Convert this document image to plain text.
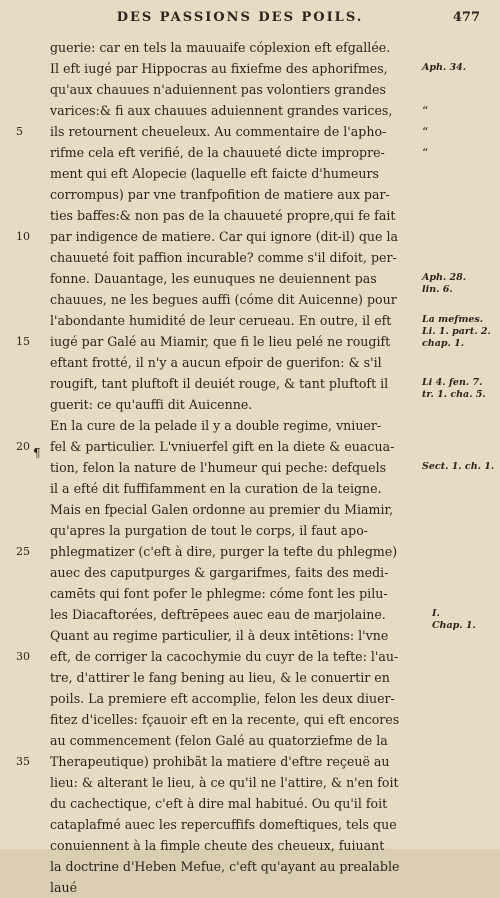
DES PASSIONS DES POILS.	477
5
10
15
20
25
30
35
¶
guerie: car en tels la mauuaife cóplexion eft efgallée.
Il eft iugé par Hippocras au fixiefme des aphorifmes,
qu'aux chauues n'aduiennent pas volontiers grandes
varices:& fi aux chauues aduiennent grandes varices,
ils retournent cheueleux. Au commentaire de l'apho-
rifme cela eft verifié, de la chauueté dicte impropre-
ment qui eft Alopecie (laquelle eft faicte d'humeurs
corrompus) par vne tranfpofition de matiere aux par-
ties baffes:& non pas de la chauueté propre,qui fe fait
par indigence de matiere. Car qui ignore (dit-il) que la
chauueté foit paffion incurable? comme s'il difoit, per-
fonne. Dauantage, les eunuques ne deuiennent pas
chauues, ne les begues auffi (cóme dit Auicenne) pour
l'abondante humidité de leur cerueau. En outre, il eft
iugé par Galé au Miamir, que fi le lieu pelé ne rougift
eftant frotté, il n'y a aucun efpoir de guerifon: & s'il
rougift, tant pluftoft il deuiét rouge, & tant pluftoft il
guerit: ce qu'auffi dit Auicenne.
En la cure de la pelade il y a double regime, vniuer-
fel & particulier. L'vniuerfel gift en la diete & euacua-
tion, felon la nature de l'humeur qui peche: defquels
il a efté dit fuffifamment en la curation de la teigne.
Mais en fpecial Galen ordonne au premier du Miamir,
qu'apres la purgation de tout le corps, il faut apo-
phlegmatizer (c'eft à dire, purger la tefte du phlegme)
auec des caputpurges & gargarifmes, faits des medi-
camēts qui font pofer le phlegme: cóme font les pilu-
les Diacaftorées, deftrēpees auec eau de marjolaine.
Quant au regime particulier, il à deux intētions: l'vne
eft, de corriger la cacochymie du cuyr de la tefte: l'au-
tre, d'attirer le fang bening au lieu, & le conuertir en
poils. La premiere eft accomplie, felon les deux diuer-
fitez d'icelles: fçauoir eft en la recente, qui eft encores
au commencement (felon Galé au quatorziefme de la
Therapeutique) prohibãt la matiere d'eftre reçeuë au
lieu: & alterant le lieu, à ce qu'il ne l'attire, & n'en foit
du cachectique, c'eft à dire mal habitué. Ou qu'il foit
cataplafmé auec les repercuffifs domeftiques, tels que
conuiennent à la fimple cheute des cheueux, fuiuant
la doctrine d'Heben Mefue, c'eft qu'ayant au prealable
laué
“
“
“
Aph. 34.
Aph. 28.
lin. 6.
La mefmes.
Li. 1. part. 2.
chap. 1.
Li 4. fen. 7.
tr. 1. cha. 5.
Sect. 1. ch. 1.
I.
Chap. 1.
